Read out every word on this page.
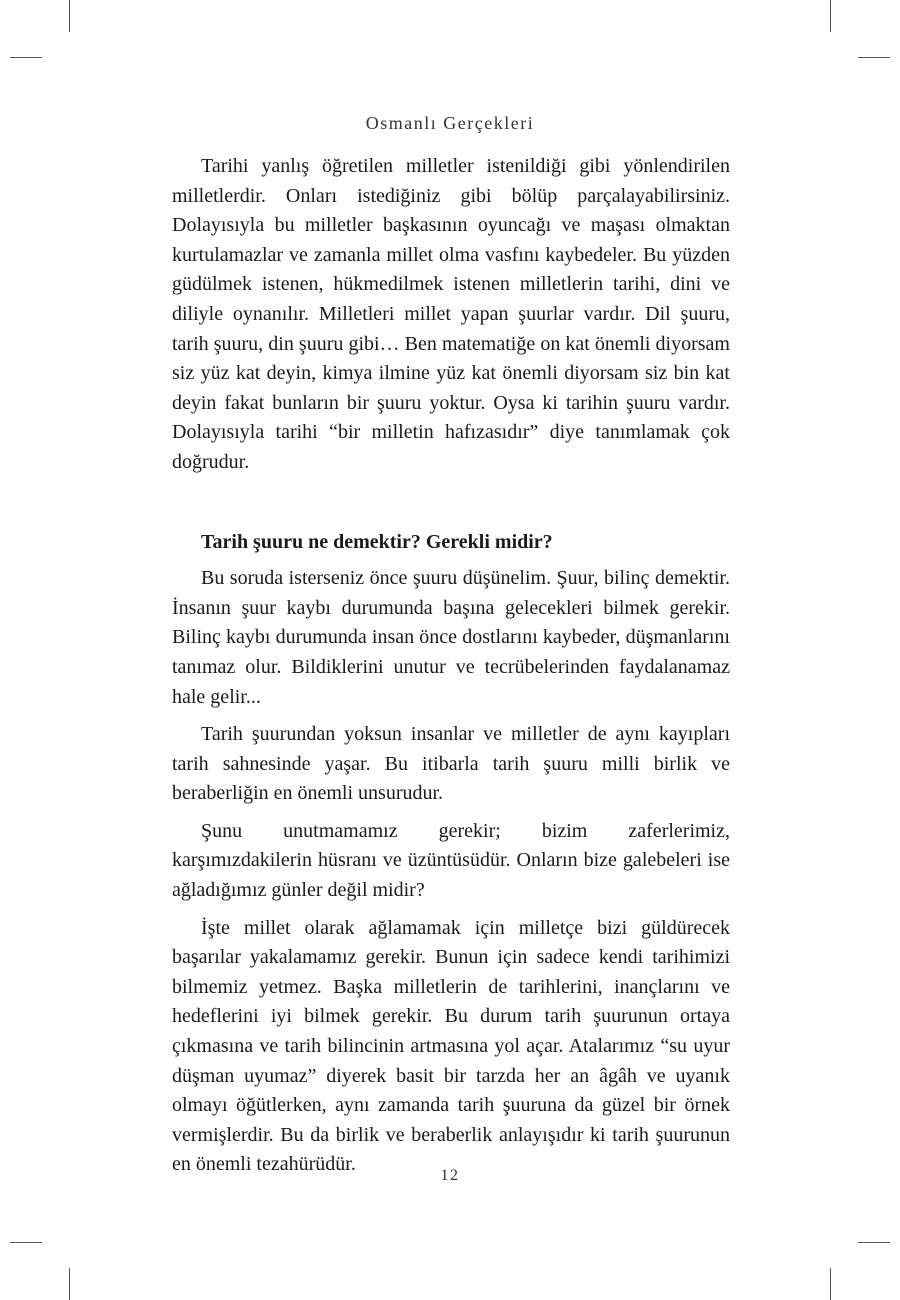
Osmanlı Gerçekleri

Tarihi yanlış öğretilen milletler istenildiği gibi yönlendirilen milletlerdir. Onları istediğiniz gibi bölüp parçalayabilirsiniz. Dolayısıyla bu milletler başkasının oyuncağı ve maşası olmaktan kurtulamazlar ve zamanla millet olma vasfını kaybedeler. Bu yüzden güdülmek istenen, hükmedilmek istenen milletlerin tarihi, dini ve diliyle oynanılır. Milletleri millet yapan şuurlar vardır. Dil şuuru, tarih şuuru, din şuuru gibi… Ben matematiğe on kat önemli diyorsam siz yüz kat deyin, kimya ilmine yüz kat önemli diyorsam siz bin kat deyin fakat bunların bir şuuru yoktur. Oysa ki tarihin şuuru vardır. Dolayısıyla tarihi “bir milletin hafızasıdır” diye tanımlamak çok doğrudur.

Tarih şuuru ne demektir? Gerekli midir?

Bu soruda isterseniz önce şuuru düşünelim. Şuur, bilinç demektir. İnsanın şuur kaybı durumunda başına gelecekleri bilmek gerekir. Bilinç kaybı durumunda insan önce dostlarını kaybeder, düşmanlarını tanımaz olur. Bildiklerini unutur ve tecrübelerinden faydalanamaz hale gelir...

Tarih şuurundan yoksun insanlar ve milletler de aynı kayıpları tarih sahnesinde yaşar. Bu itibarla tarih şuuru milli birlik ve beraberliğin en önemli unsurudur.

Şunu unutmamamız gerekir; bizim zaferlerimiz, karşımızdakilerin hüsranı ve üzüntüsüdür. Onların bize galebeleri ise ağladığımız günler değil midir?

İşte millet olarak ağlamamak için milletçe bizi güldürecek başarılar yakalamamız gerekir. Bunun için sadece kendi tarihimizi bilmemiz yetmez. Başka milletlerin de tarihlerini, inançlarını ve hedeflerini iyi bilmek gerekir. Bu durum tarih şuurunun ortaya çıkmasına ve tarih bilincinin artmasına yol açar. Atalarımız “su uyur düşman uyumaz” diyerek basit bir tarzda her an âgâh ve uyanık olmayı öğütlerken, aynı zamanda tarih şuuruna da güzel bir örnek vermişlerdir. Bu da birlik ve beraberlik anlayışıdır ki tarih şuurunun en önemli tezahürüdür.

12
